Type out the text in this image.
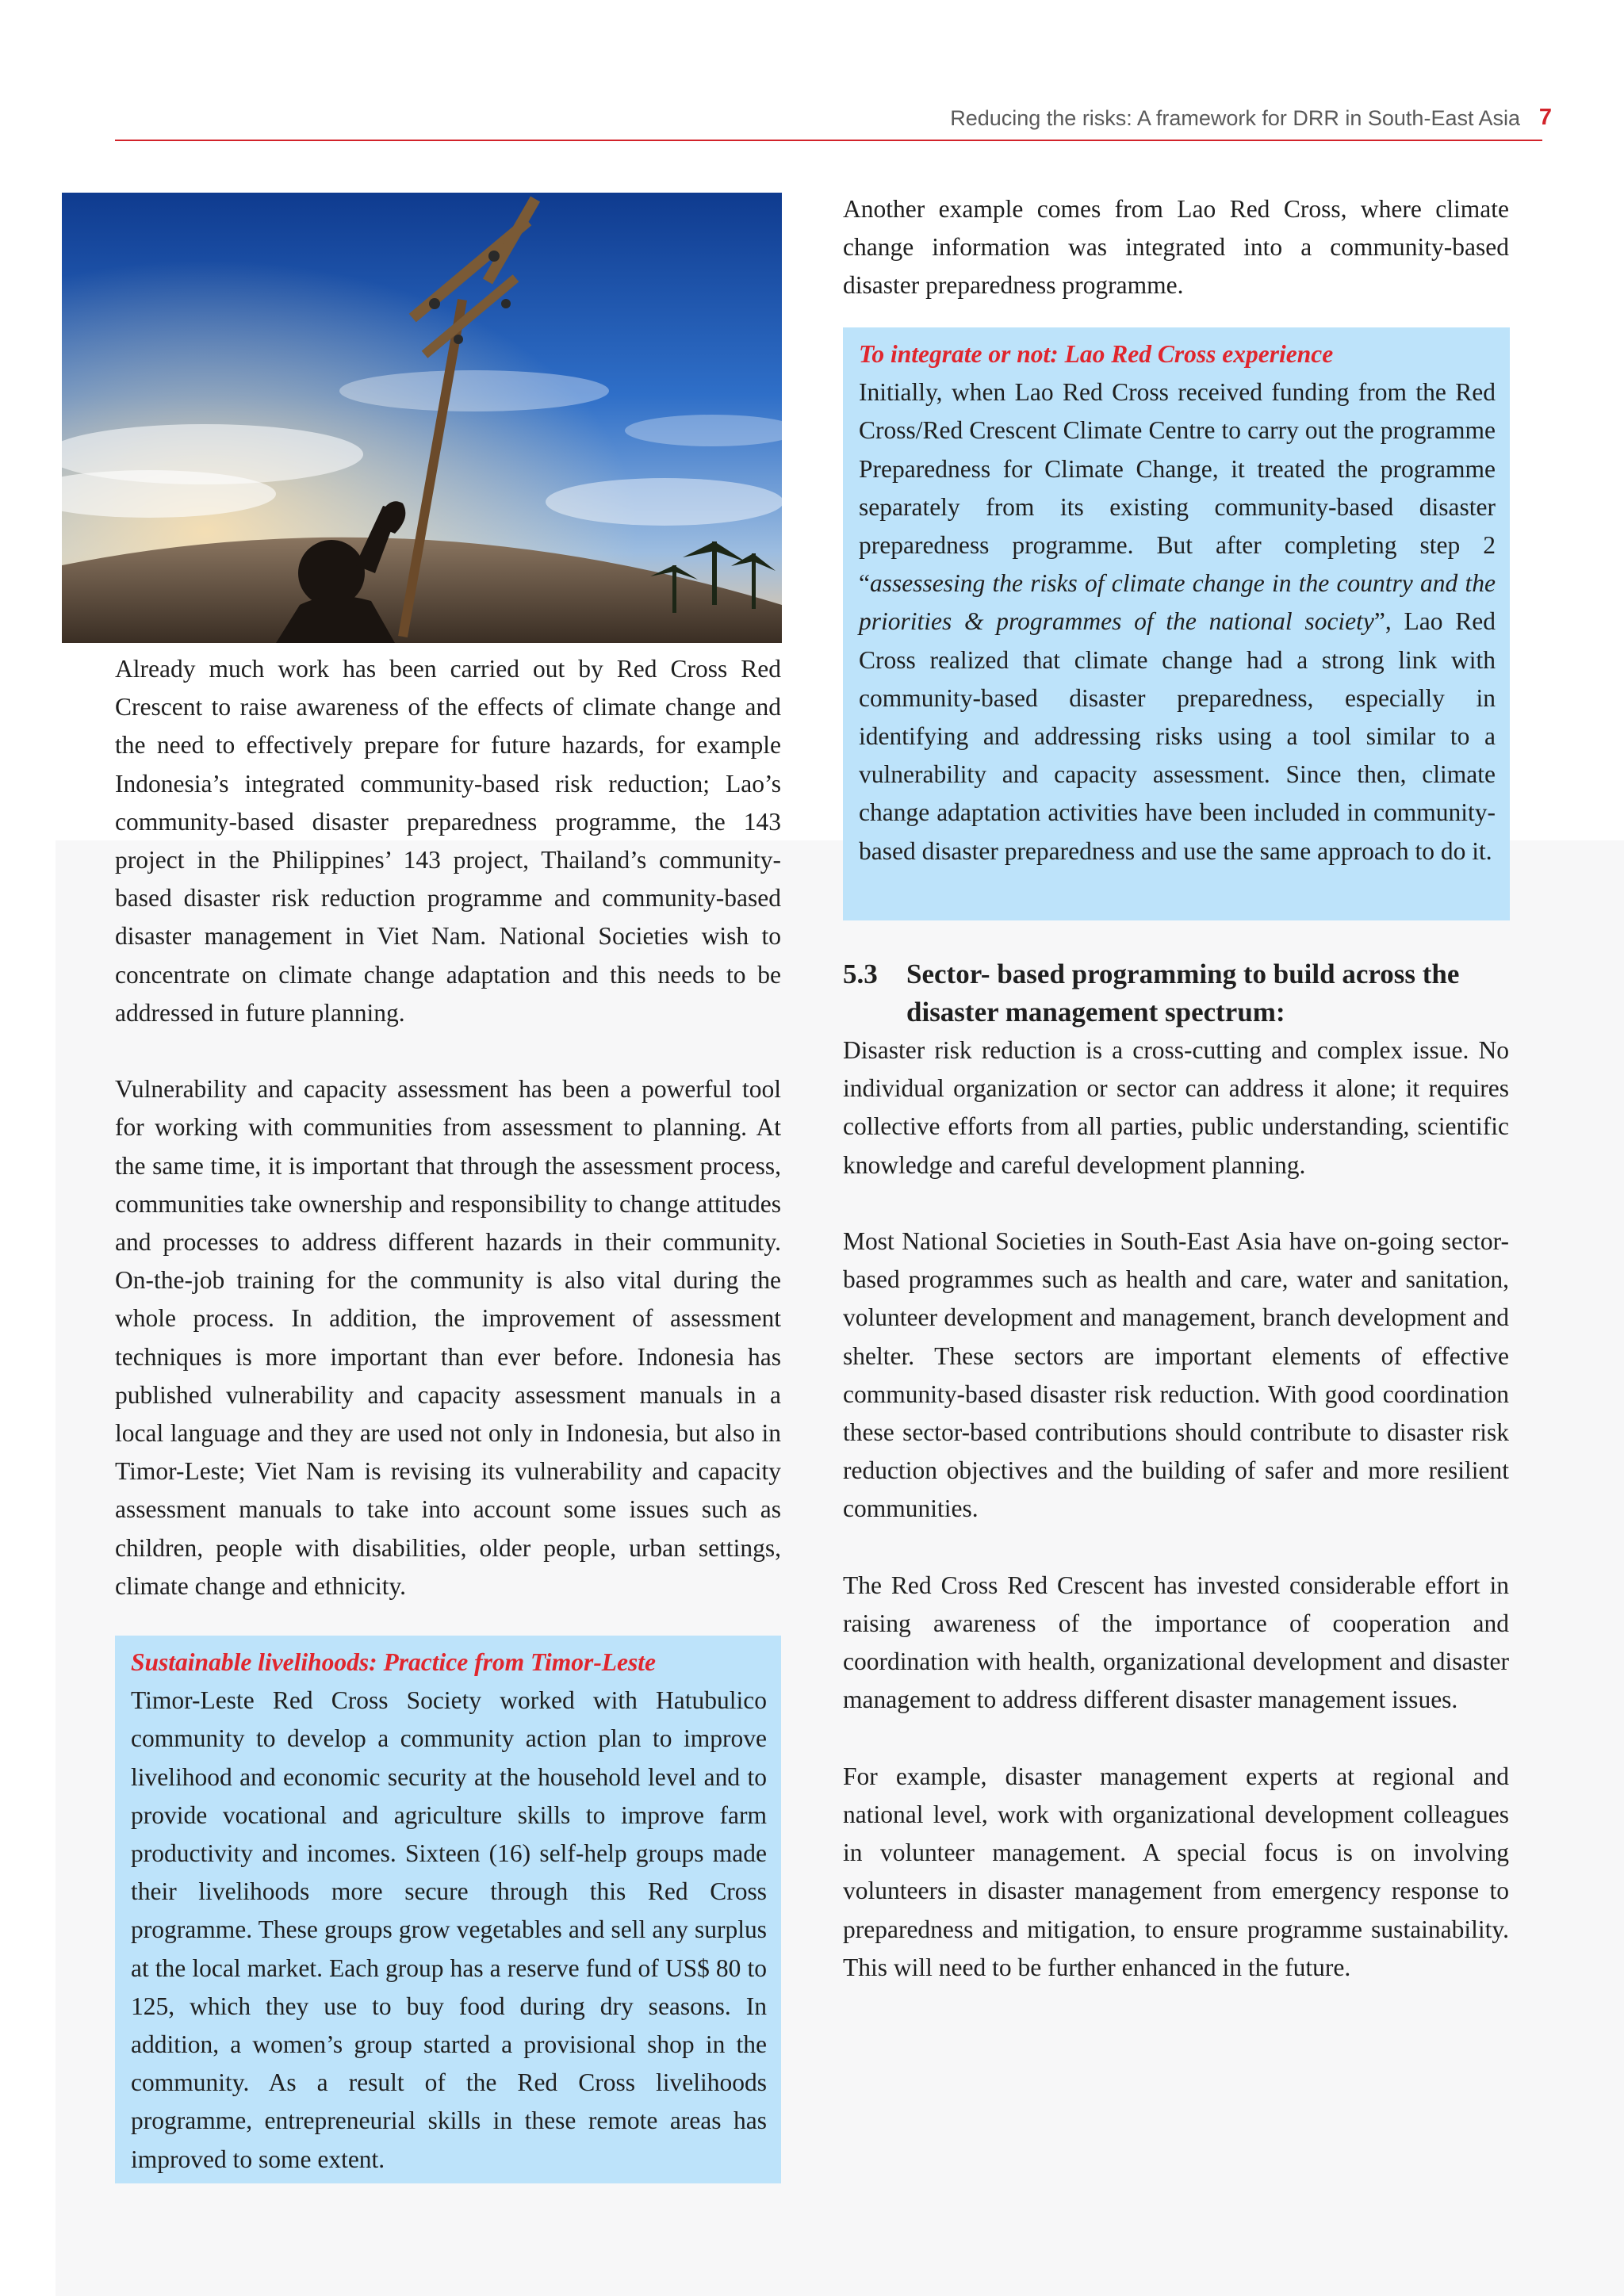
Reducing the risks: A framework for DRR in South-East Asia 7

Already much work has been carried out by Red Cross Red Crescent to raise awareness of the effects of climate change and the need to effectively prepare for future hazards, for example Indonesia’s integrated community-based risk reduction; Lao’s community-based disaster preparedness programme, the 143 project in the Philippines’ 143 project, Thailand’s community-based disaster risk reduction programme and community-based disaster management in Viet Nam. National Societies wish to concentrate on climate change adaptation and this needs to be addressed in future planning.

Vulnerability and capacity assessment has been a powerful tool for working with communities from assessment to planning. At the same time, it is important that through the assessment process, communities take ownership and responsibility to change attitudes and processes to address different hazards in their community. On-the-job training for the community is also vital during the whole process. In addition, the improvement of assessment techniques is more important than ever before. Indonesia has published vulnerability and capacity assessment manuals in a local language and they are used not only in Indonesia, but also in Timor-Leste; Viet Nam is revising its vulnerability and capacity assessment manuals to take into account some issues such as children, people with disabilities, older people, urban settings, climate change and ethnicity.

Sustainable livelihoods: Practice from Timor-Leste
Timor-Leste Red Cross Society worked with Hatubulico community to develop a community action plan to improve livelihood and economic security at the household level and to provide vocational and agriculture skills to improve farm productivity and incomes. Sixteen (16) self-help groups made their livelihoods more secure through this Red Cross programme. These groups grow vegetables and sell any surplus at the local market. Each group has a reserve fund of US$ 80 to 125, which they use to buy food during dry seasons. In addition, a women’s group started a provisional shop in the community. As a result of the Red Cross livelihoods programme, entrepreneurial skills in these remote areas has improved to some extent.

Another example comes from Lao Red Cross, where climate change information was integrated into a community-based disaster preparedness programme.

To integrate or not: Lao Red Cross experience
Initially, when Lao Red Cross received funding from the Red Cross/Red Crescent Climate Centre to carry out the programme Preparedness for Climate Change, it treated the programme separately from its existing community-based disaster preparedness programme. But after completing step 2 “assessesing the risks of climate change in the country and the priorities & programmes of the national society”, Lao Red Cross realized that climate change had a strong link with community-based disaster preparedness, especially in identifying and addressing risks using a tool similar to a vulnerability and capacity assessment. Since then, climate change adaptation activities have been included in community-based disaster preparedness and use the same approach to do it.
5.3 Sector- based programming to build across the disaster management spectrum:

Disaster risk reduction is a cross-cutting and complex issue. No individual organization or sector can address it alone; it requires collective efforts from all parties, public understanding, scientific knowledge and careful development planning.

Most National Societies in South-East Asia have on-going sector-based programmes such as health and care, water and sanitation, volunteer development and management, branch development and shelter. These sectors are important elements of effective community-based disaster risk reduction. With good coordination these sector-based contributions should contribute to disaster risk reduction objectives and the building of safer and more resilient communities.

The Red Cross Red Crescent has invested considerable effort in raising awareness of the importance of cooperation and coordination with health, organizational development and disaster management to address different disaster management issues.

For example, disaster management experts at regional and national level, work with organizational development colleagues in volunteer management. A special focus is on involving volunteers in disaster management from emergency response to preparedness and mitigation, to ensure programme sustainability. This will need to be further enhanced in the future.
